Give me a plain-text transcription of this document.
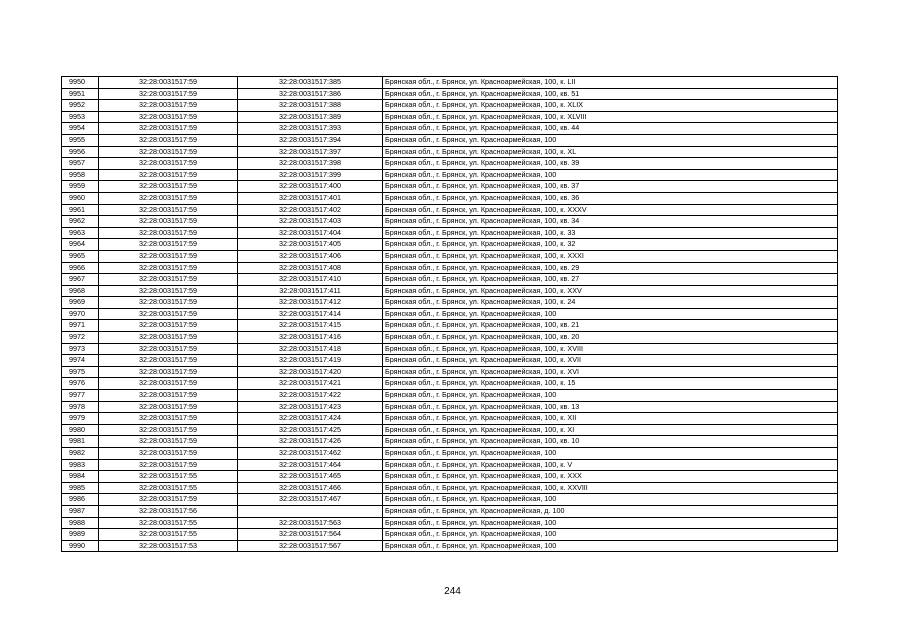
9950	32:28:0031517:59	32:28:0031517:385	Брянская обл., г. Брянск, ул. Красноармейская, 100, к. LII
9951	32:28:0031517:59	32:28:0031517:386	Брянская обл., г. Брянск, ул. Красноармейская, 100, кв. 51
9952	32:28:0031517:59	32:28:0031517:388	Брянская обл., г. Брянск, ул. Красноармейская, 100, к. XLIX
9953	32:28:0031517:59	32:28:0031517:389	Брянская обл., г. Брянск, ул. Красноармейская, 100, к. XLVIII
9954	32:28:0031517:59	32:28:0031517:393	Брянская обл., г. Брянск, ул. Красноармейская, 100, кв. 44
9955	32:28:0031517:59	32:28:0031517:394	Брянская обл., г. Брянск, ул. Красноармейская, 100
9956	32:28:0031517:59	32:28:0031517:397	Брянская обл., г. Брянск, ул. Красноармейская, 100, к. XL
9957	32:28:0031517:59	32:28:0031517:398	Брянская обл., г. Брянск, ул. Красноармейская, 100, кв. 39
9958	32:28:0031517:59	32:28:0031517:399	Брянская обл., г. Брянск, ул. Красноармейская, 100
9959	32:28:0031517:59	32:28:0031517:400	Брянская обл., г. Брянск, ул. Красноармейская, 100, кв. 37
9960	32:28:0031517:59	32:28:0031517:401	Брянская обл., г. Брянск, ул. Красноармейская, 100, кв. 36
9961	32:28:0031517:59	32:28:0031517:402	Брянская обл., г. Брянск, ул. Красноармейская, 100, к. XXXV
9962	32:28:0031517:59	32:28:0031517:403	Брянская обл., г. Брянск, ул. Красноармейская, 100, кв. 34
9963	32:28:0031517:59	32:28:0031517:404	Брянская обл., г. Брянск, ул. Красноармейская, 100, к. 33
9964	32:28:0031517:59	32:28:0031517:405	Брянская обл., г. Брянск, ул. Красноармейская, 100, к. 32
9965	32:28:0031517:59	32:28:0031517:406	Брянская обл., г. Брянск, ул. Красноармейская, 100, к. XXXI
9966	32:28:0031517:59	32:28:0031517:408	Брянская обл., г. Брянск, ул. Красноармейская, 100, кв. 29
9967	32:28:0031517:59	32:28:0031517:410	Брянская обл., г. Брянск, ул. Красноармейская, 100, кв. 27
9968	32:28:0031517:59	32:28:0031517:411	Брянская обл., г. Брянск, ул. Красноармейская, 100, к. XXV
9969	32:28:0031517:59	32:28:0031517:412	Брянская обл., г. Брянск, ул. Красноармейская, 100, к. 24
9970	32:28:0031517:59	32:28:0031517:414	Брянская обл., г. Брянск, ул. Красноармейская, 100
9971	32:28:0031517:59	32:28:0031517:415	Брянская обл., г. Брянск, ул. Красноармейская, 100, кв. 21
9972	32:28:0031517:59	32:28:0031517:416	Брянская обл., г. Брянск, ул. Красноармейская, 100, кв. 20
9973	32:28:0031517:59	32:28:0031517:418	Брянская обл., г. Брянск, ул. Красноармейская, 100, к. XVIII
9974	32:28:0031517:59	32:28:0031517:419	Брянская обл., г. Брянск, ул. Красноармейская, 100, к. XVII
9975	32:28:0031517:59	32:28:0031517:420	Брянская обл., г. Брянск, ул. Красноармейская, 100, к. XVI
9976	32:28:0031517:59	32:28:0031517:421	Брянская обл., г. Брянск, ул. Красноармейская, 100, к. 15
9977	32:28:0031517:59	32:28:0031517:422	Брянская обл., г. Брянск, ул. Красноармейская, 100
9978	32:28:0031517:59	32:28:0031517:423	Брянская обл., г. Брянск, ул. Красноармейская, 100, кв. 13
9979	32:28:0031517:59	32:28:0031517:424	Брянская обл., г. Брянск, ул. Красноармейская, 100, к. XII
9980	32:28:0031517:59	32:28:0031517:425	Брянская обл., г. Брянск, ул. Красноармейская, 100, к. XI
9981	32:28:0031517:59	32:28:0031517:426	Брянская обл., г. Брянск, ул. Красноармейская, 100, кв. 10
9982	32:28:0031517:59	32:28:0031517:462	Брянская обл., г. Брянск, ул. Красноармейская, 100
9983	32:28:0031517:59	32:28:0031517:464	Брянская обл., г. Брянск, ул. Красноармейская, 100, к. V
9984	32:28:0031517:55	32:28:0031517:465	Брянская обл., г. Брянск, ул. Красноармейская, 100, к. XXX
9985	32:28:0031517:55	32:28:0031517:466	Брянская обл., г. Брянск, ул. Красноармейская, 100, к. XXVIII
9986	32:28:0031517:59	32:28:0031517:467	Брянская обл., г. Брянск, ул. Красноармейская, 100
9987	32:28:0031517:56		Брянская обл., г. Брянск, ул. Красноармейская, д. 100
9988	32:28:0031517:55	32:28:0031517:563	Брянская обл., г. Брянск, ул. Красноармейская, 100
9989	32:28:0031517:55	32:28:0031517:564	Брянская обл., г. Брянск, ул. Красноармейская, 100
9990	32:28:0031517:53	32:28:0031517:567	Брянская обл., г. Брянск, ул. Красноармейская, 100
244
